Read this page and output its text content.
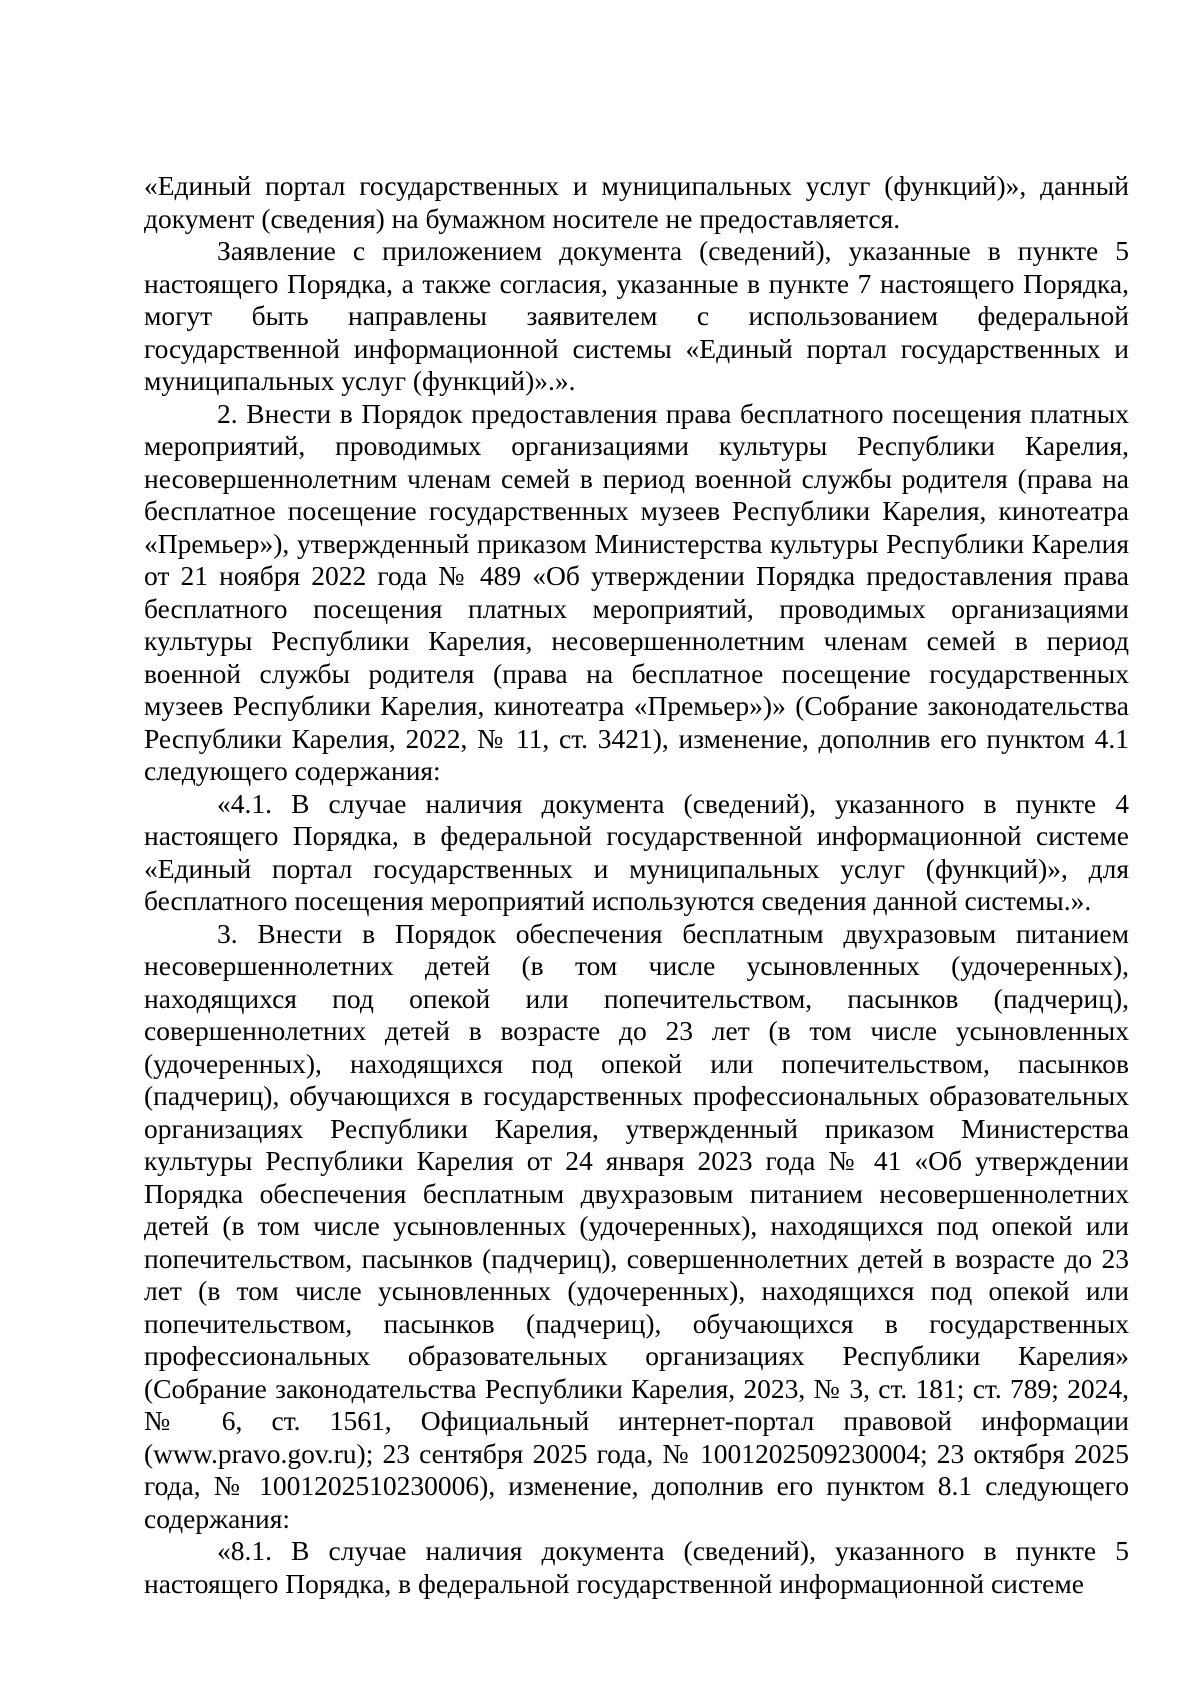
«Единый портал государственных и муниципальных услуг (функций)», данный документ (сведения) на бумажном носителе не предоставляется.

Заявление с приложением документа (сведений), указанные в пункте 5 настоящего Порядка, а также согласия, указанные в пункте 7 настоящего Порядка, могут быть направлены заявителем с использованием федеральной государственной информационной системы «Единый портал государственных и муниципальных услуг (функций)».».

2. Внести в Порядок предоставления права бесплатного посещения платных мероприятий, проводимых организациями культуры Республики Карелия, несовершеннолетним членам семей в период военной службы родителя (права на бесплатное посещение государственных музеев Республики Карелия, кинотеатра «Премьер»), утвержденный приказом Министерства культуры Республики Карелия от 21 ноября 2022 года № 489 «Об утверждении Порядка предоставления права бесплатного посещения платных мероприятий, проводимых организациями культуры Республики Карелия, несовершеннолетним членам семей в период военной службы родителя (права на бесплатное посещение государственных музеев Республики Карелия, кинотеатра «Премьер»)» (Собрание законодательства Республики Карелия, 2022, № 11, ст. 3421), изменение, дополнив его пунктом 4.1 следующего содержания:

«4.1. В случае наличия документа (сведений), указанного в пункте 4 настоящего Порядка, в федеральной государственной информационной системе «Единый портал государственных и муниципальных услуг (функций)», для бесплатного посещения мероприятий используются сведения данной системы.».

3. Внести в Порядок обеспечения бесплатным двухразовым питанием несовершеннолетних детей (в том числе усыновленных (удочеренных), находящихся под опекой или попечительством, пасынков (падчериц), совершеннолетних детей в возрасте до 23 лет (в том числе усыновленных (удочеренных), находящихся под опекой или попечительством, пасынков (падчериц), обучающихся в государственных профессиональных образовательных организациях Республики Карелия, утвержденный приказом Министерства культуры Республики Карелия от 24 января 2023 года № 41 «Об утверждении Порядка обеспечения бесплатным двухразовым питанием несовершеннолетних детей (в том числе усыновленных (удочеренных), находящихся под опекой или попечительством, пасынков (падчериц), совершеннолетних детей в возрасте до 23 лет (в том числе усыновленных (удочеренных), находящихся под опекой или попечительством, пасынков (падчериц), обучающихся в государственных профессиональных образовательных организациях Республики Карелия» (Собрание законодательства Республики Карелия, 2023, № 3, ст. 181; ст. 789; 2024, № 6, ст. 1561, Официальный интернет-портал правовой информации (www.pravo.gov.ru); 23 сентября 2025 года, № 1001202509230004; 23 октября 2025 года, № 1001202510230006), изменение, дополнив его пунктом 8.1 следующего содержания:

«8.1. В случае наличия документа (сведений), указанного в пункте 5 настоящего Порядка, в федеральной государственной информационной системе
